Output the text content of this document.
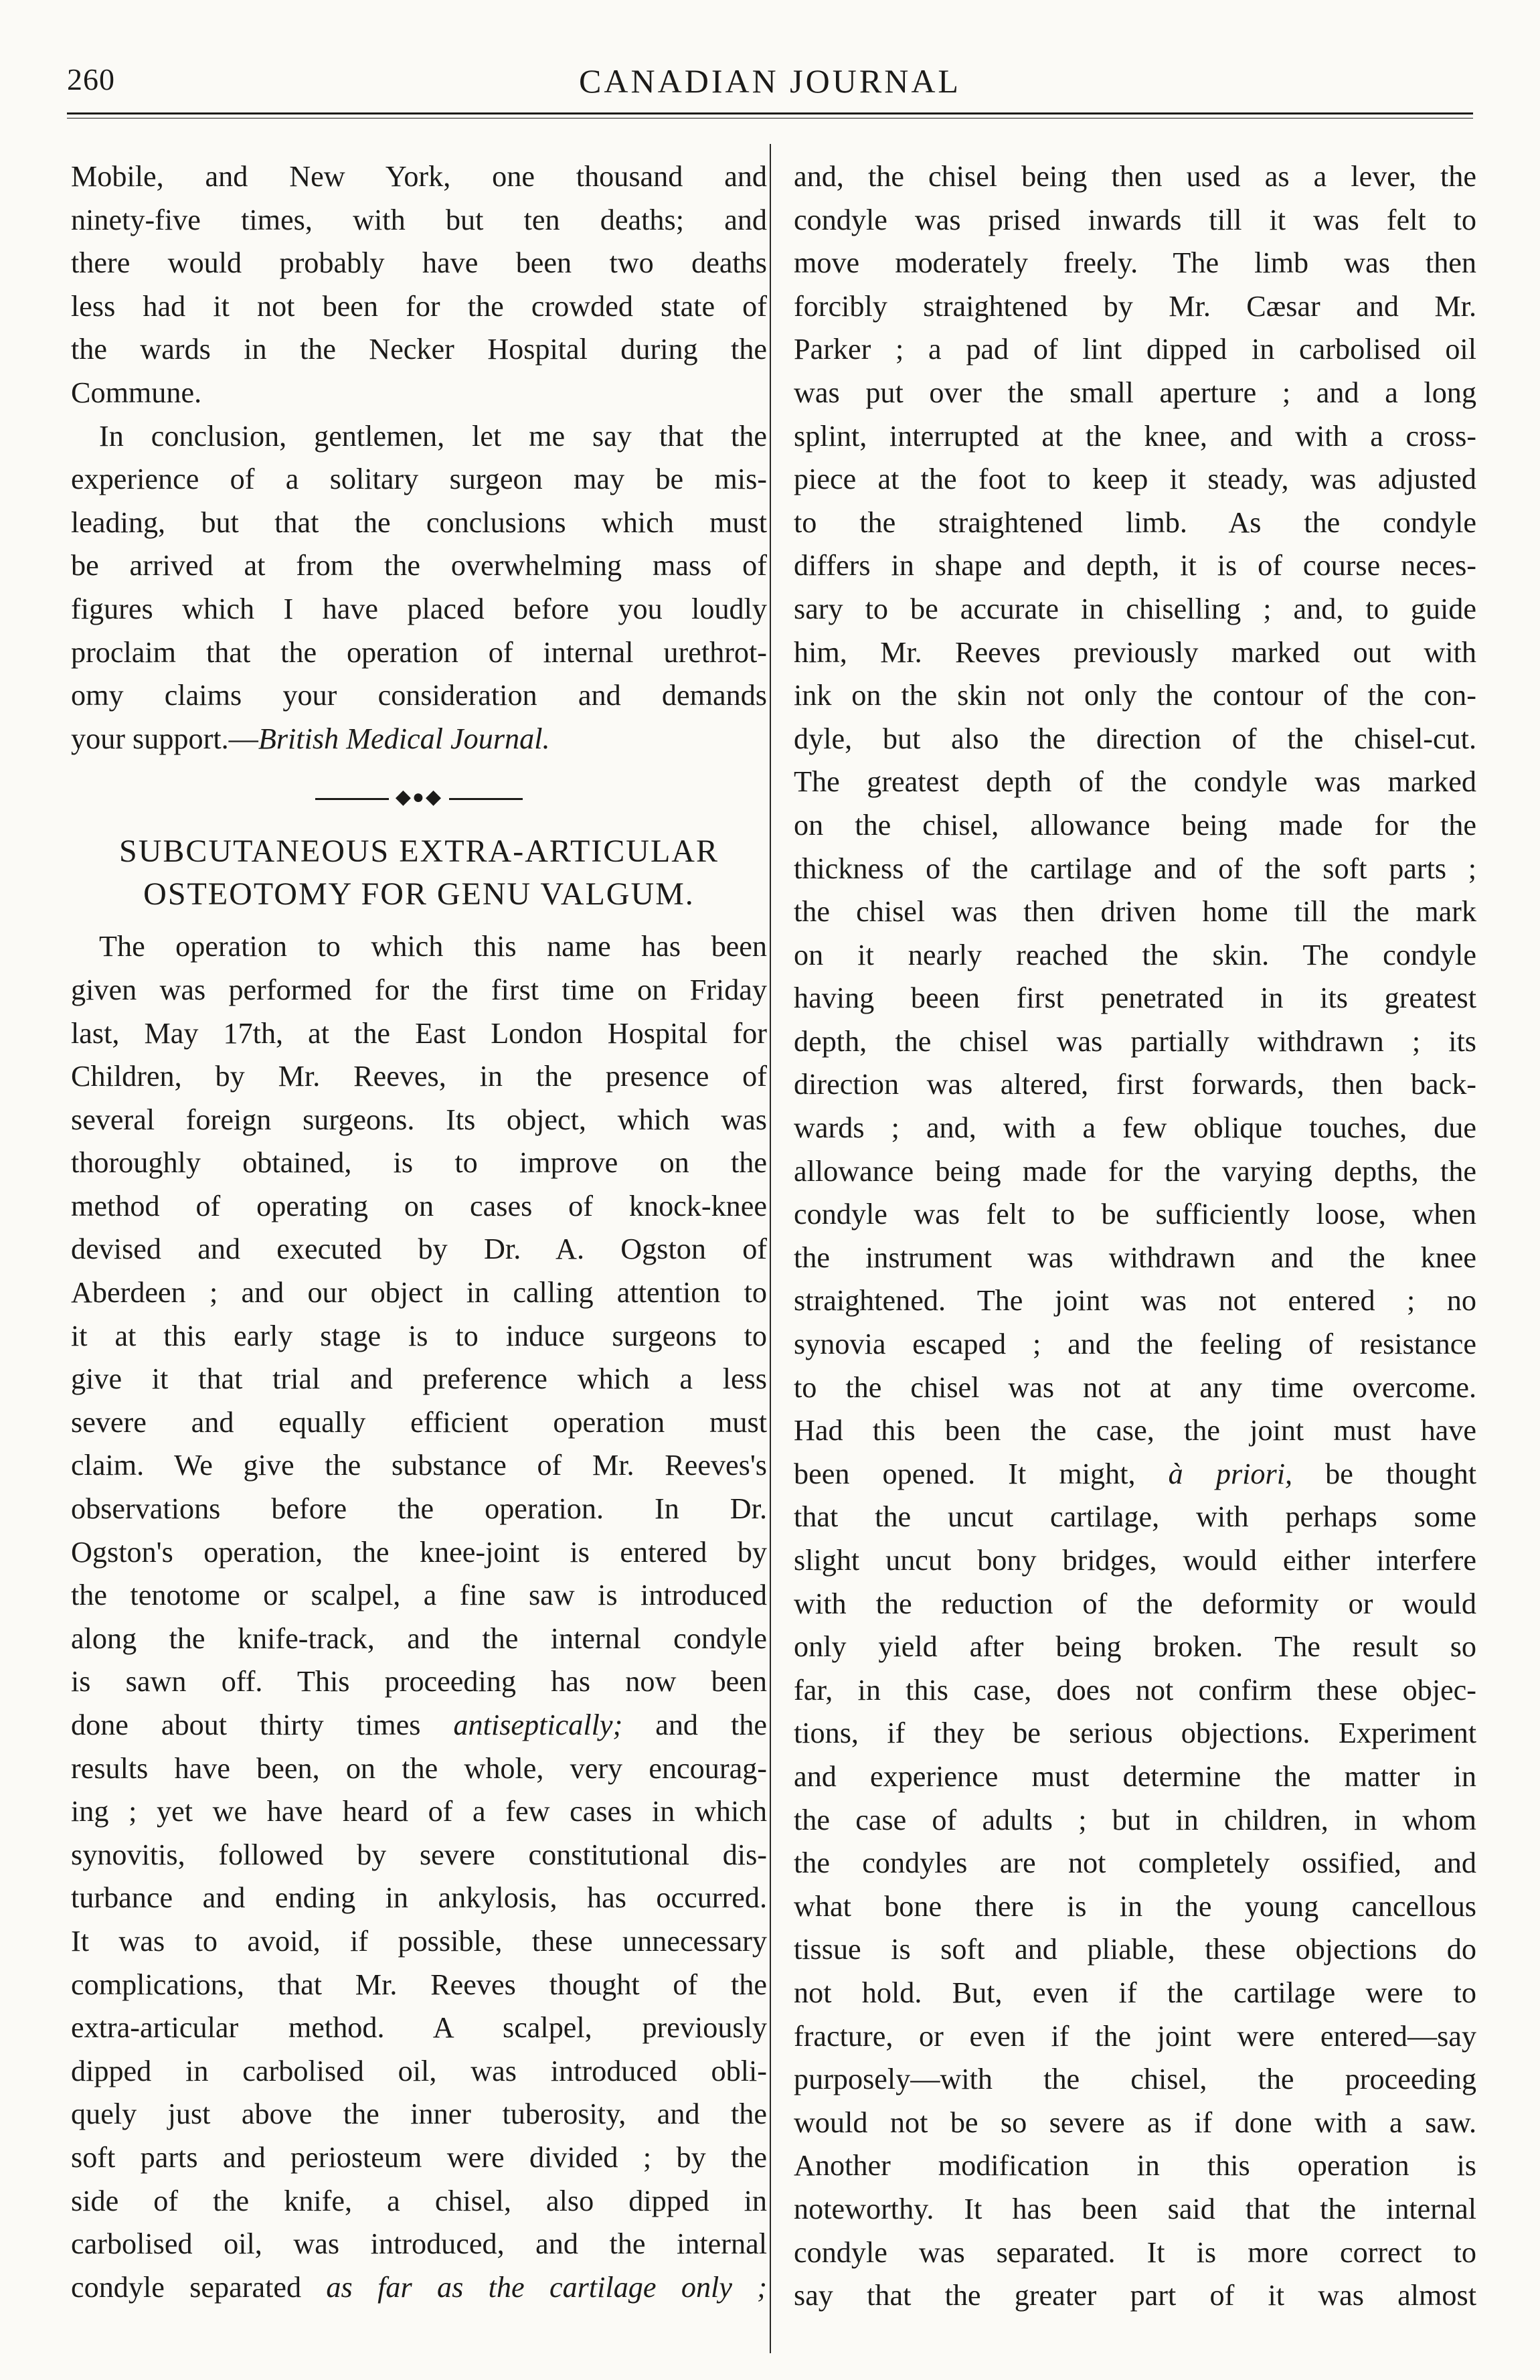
260	CANADIAN JOURNAL

Mobile, and New York, one thousand and

ninety-five times, with but ten deaths; and

there would probably have been two deaths

less had it not been for the crowded state of

the wards in the Necker Hospital during the

Commune.

In conclusion, gentlemen, let me say that the

experience of a solitary surgeon may be mis-

leading, but that the conclusions which must

be arrived at from the overwhelming mass of

figures which I have placed before you loudly

proclaim that the operation of internal urethrot-

omy claims your consideration and demands

your support.—British Medical Journal.

◆●◆
SUBCUTANEOUS EXTRA-ARTICULAR
OSTEOTOMY FOR GENU VALGUM.

The operation to which this name has been

given was performed for the first time on Friday

last, May 17th, at the East London Hospital for

Children, by Mr. Reeves, in the presence of

several foreign surgeons. Its object, which was

thoroughly obtained, is to improve on the

method of operating on cases of knock-knee

devised and executed by Dr. A. Ogston of

Aberdeen ; and our object in calling attention to

it at this early stage is to induce surgeons to

give it that trial and preference which a less

severe and equally efficient operation must

claim. We give the substance of Mr. Reeves's

observations before the operation. In Dr.

Ogston's operation, the knee-joint is entered by

the tenotome or scalpel, a fine saw is introduced

along the knife-track, and the internal condyle

is sawn off. This proceeding has now been

done about thirty times antiseptically; and the

results have been, on the whole, very encourag-

ing ; yet we have heard of a few cases in which

synovitis, followed by severe constitutional dis-

turbance and ending in ankylosis, has occurred.

It was to avoid, if possible, these unnecessary

complications, that Mr. Reeves thought of the

extra-articular method. A scalpel, previously

dipped in carbolised oil, was introduced obli-

quely just above the inner tuberosity, and the

soft parts and periosteum were divided ; by the

side of the knife, a chisel, also dipped in

carbolised oil, was introduced, and the internal

condyle separated as far as the cartilage only ;

and, the chisel being then used as a lever, the

condyle was prised inwards till it was felt to

move moderately freely. The limb was then

forcibly straightened by Mr. Cæsar and Mr.

Parker ; a pad of lint dipped in carbolised oil

was put over the small aperture ; and a long

splint, interrupted at the knee, and with a cross-

piece at the foot to keep it steady, was adjusted

to the straightened limb. As the condyle

differs in shape and depth, it is of course neces-

sary to be accurate in chiselling ; and, to guide

him, Mr. Reeves previously marked out with

ink on the skin not only the contour of the con-

dyle, but also the direction of the chisel-cut.

The greatest depth of the condyle was marked

on the chisel, allowance being made for the

thickness of the cartilage and of the soft parts ;

the chisel was then driven home till the mark

on it nearly reached the skin. The condyle

having beeen first penetrated in its greatest

depth, the chisel was partially withdrawn ; its

direction was altered, first forwards, then back-

wards ; and, with a few oblique touches, due

allowance being made for the varying depths, the

condyle was felt to be sufficiently loose, when

the instrument was withdrawn and the knee

straightened. The joint was not entered ; no

synovia escaped ; and the feeling of resistance

to the chisel was not at any time overcome.

Had this been the case, the joint must have

been opened. It might, à priori, be thought

that the uncut cartilage, with perhaps some

slight uncut bony bridges, would either interfere

with the reduction of the deformity or would

only yield after being broken. The result so

far, in this case, does not confirm these objec-

tions, if they be serious objections. Experiment

and experience must determine the matter in

the case of adults ; but in children, in whom

the condyles are not completely ossified, and

what bone there is in the young cancellous

tissue is soft and pliable, these objections do

not hold. But, even if the cartilage were to

fracture, or even if the joint were entered—say

purposely—with the chisel, the proceeding

would not be so severe as if done with a saw.

Another modification in this operation is

noteworthy. It has been said that the internal

condyle was separated. It is more correct to

say that the greater part of it was almost
